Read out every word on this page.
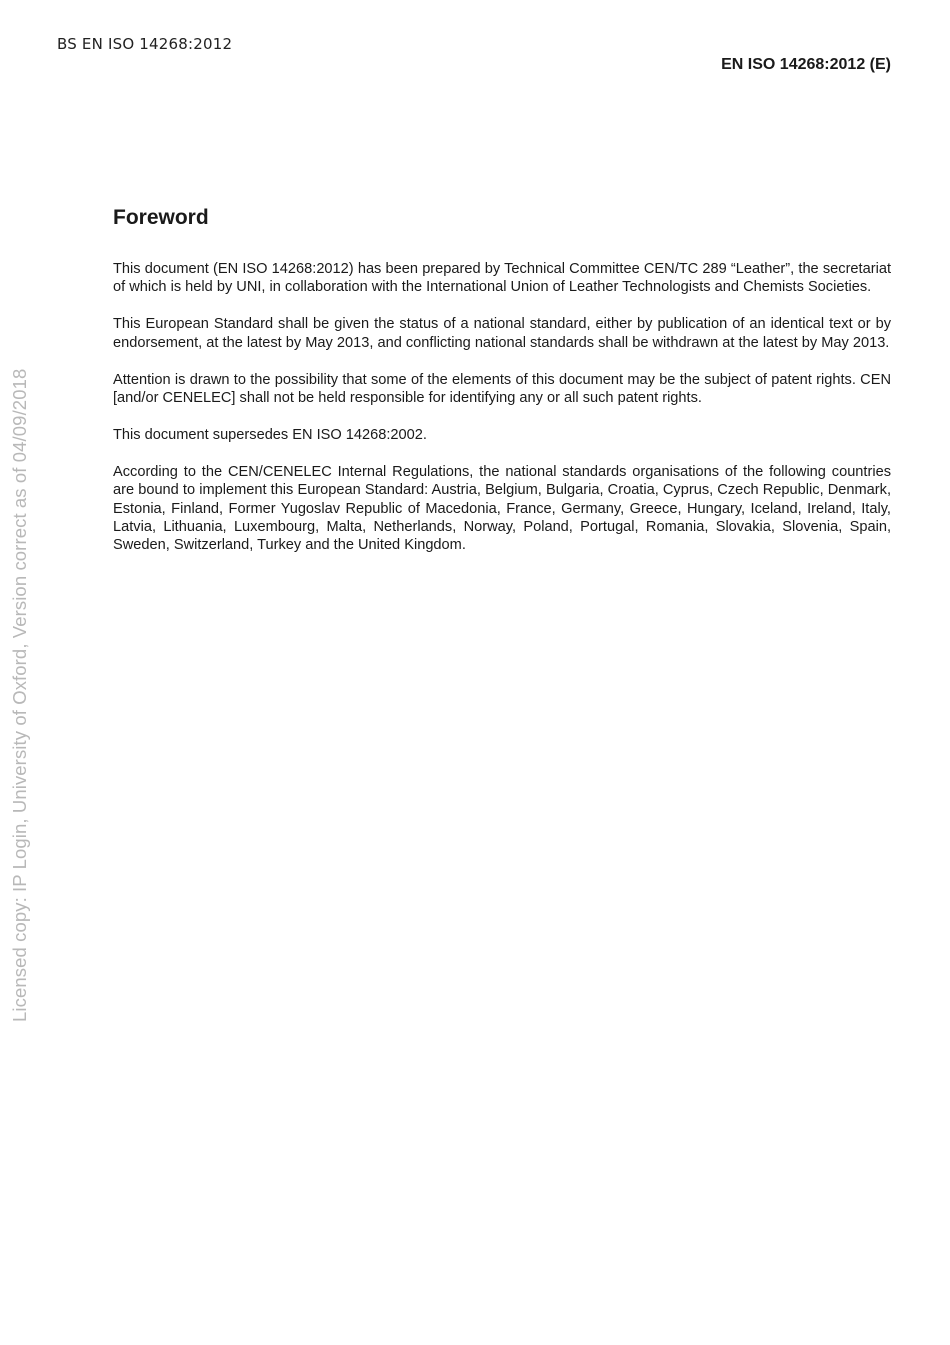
BS EN ISO 14268:2012
EN ISO 14268:2012 (E)
Licensed copy: IP Login, University of Oxford, Version correct as of 04/09/2018
Foreword

This document (EN ISO 14268:2012) has been prepared by Technical Committee CEN/TC 289 “Leather”, the secretariat of which is held by UNI, in collaboration with the International Union of Leather Technologists and Chemists Societies.

This European Standard shall be given the status of a national standard, either by publication of an identical text or by endorsement, at the latest by May 2013, and conflicting national standards shall be withdrawn at the latest by May 2013.

Attention is drawn to the possibility that some of the elements of this document may be the subject of patent rights. CEN [and/or CENELEC] shall not be held responsible for identifying any or all such patent rights.

This document supersedes EN ISO 14268:2002.

According to the CEN/CENELEC Internal Regulations, the national standards organisations of the following countries are bound to implement this European Standard: Austria, Belgium, Bulgaria, Croatia, Cyprus, Czech Republic, Denmark, Estonia, Finland, Former Yugoslav Republic of Macedonia, France, Germany, Greece, Hungary, Iceland, Ireland, Italy, Latvia, Lithuania, Luxembourg, Malta, Netherlands, Norway, Poland, Portugal, Romania, Slovakia, Slovenia, Spain, Sweden, Switzerland, Turkey and the United Kingdom.
